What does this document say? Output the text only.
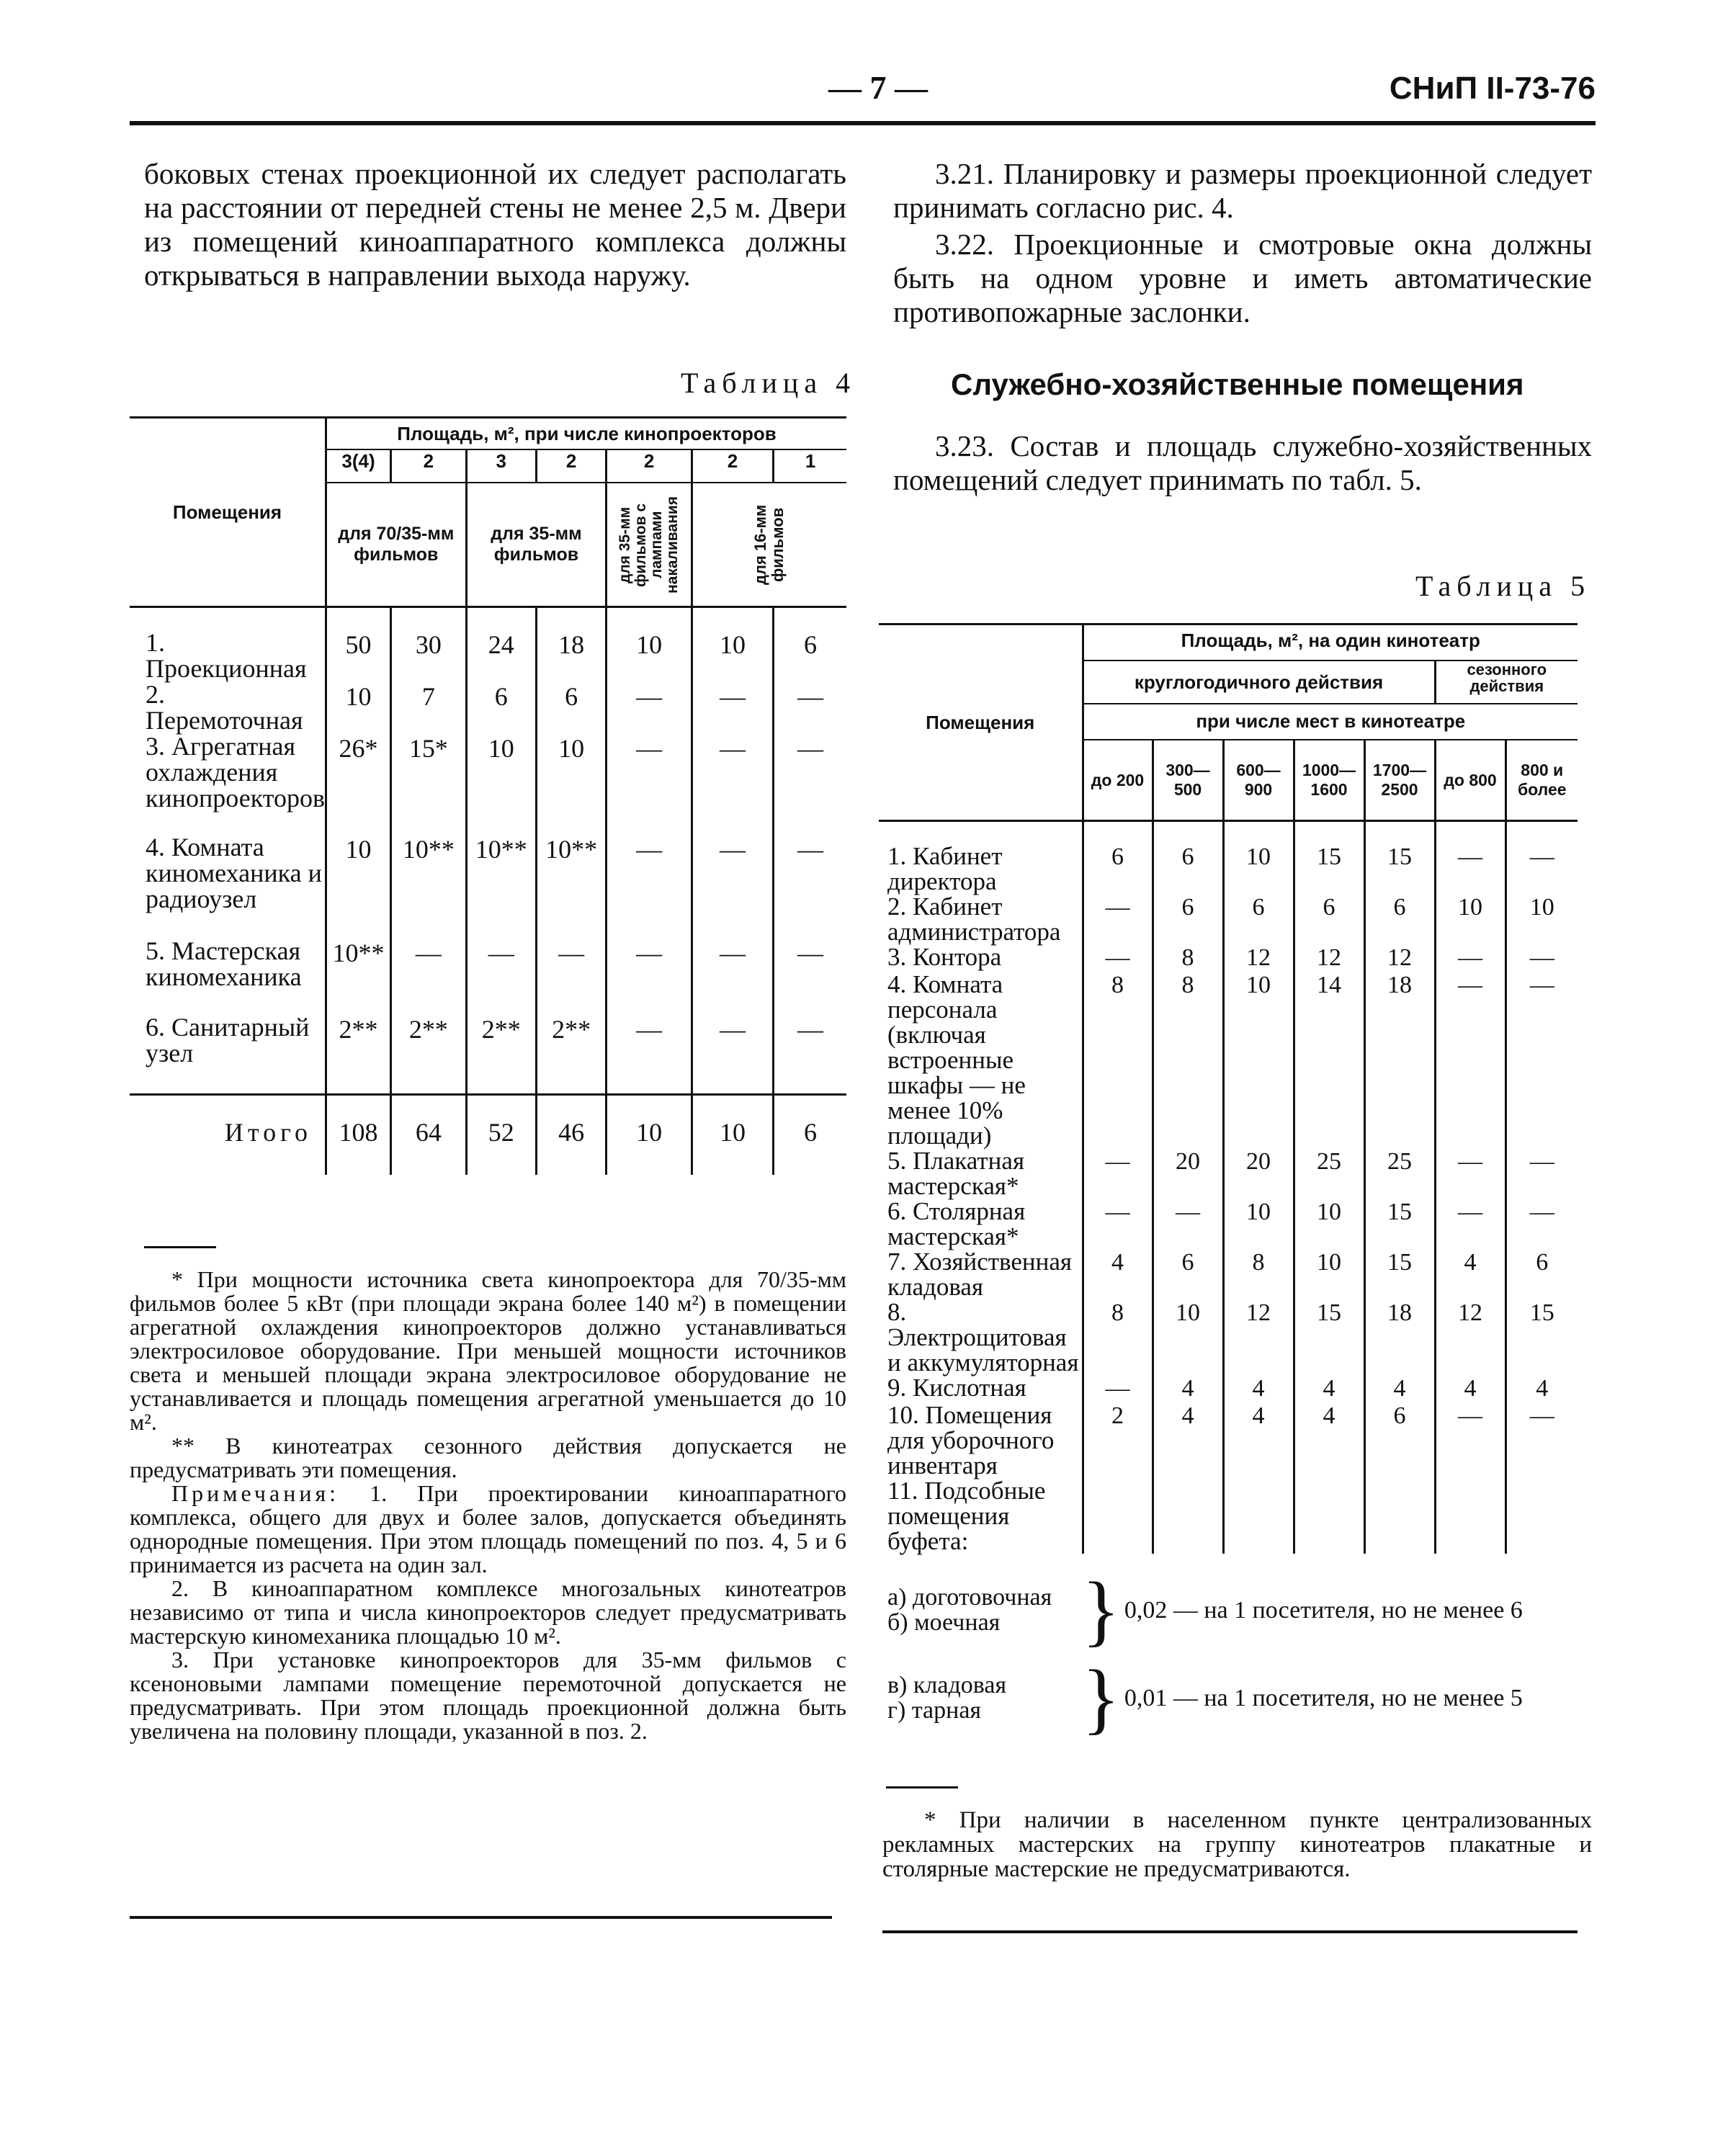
— 7 —	СНиП II-73-76

боковых стенах проекционной их следует располагать на расстоянии от передней стены не менее 2,5 м. Двери из помещений киноаппаратного комплекса должны открываться в направлении выхода наружу.

3.21. Планировку и размеры проекционной следует принимать согласно рис. 4.

3.22. Проекционные и смотровые окна должны быть на одном уровне и иметь автоматические противопожарные заслонки.

Таблица 4	Служебно-хозяйственные помещения

3.23. Состав и площадь служебно-хозяйственных помещений следует принимать по табл. 5.

Таблица 5
Помещения	Площадь, м², при числе кинопроекторов						
	3(4)	2	3	2	2	2	1
	для 70/35-мм фильмов		для 35-мм фильмов		для 35-мм фильмов с лампами накаливания	для 16-мм фильмов	

1. Проекционная	50	30	24	18	10	10	6
2. Перемоточная	10	7	6	6	—	—	—
3. Агрегатная охлаждения кинопроекторов	26*	15*	10	10	—	—	—
4. Комната киномеханика и радиоузел	10	10**	10**	10**	—	—	—
5. Мастерская киномеханика	10**	—	—	—	—	—	—
6. Санитарный узел	2**	2**	2**	2**	—	—	—
Итого	108	64	52	46	10	10	6

* При мощности источника света кинопроектора для 70/35-мм фильмов более 5 кВт (при площади экрана более 140 м²) в помещении агрегатной охлаждения кинопроекторов должно устанавливаться электросиловое оборудование. При меньшей мощности источников света и меньшей площади экрана электросиловое оборудование не устанавливается и площадь помещения агрегатной уменьшается до 10 м².

** В кинотеатрах сезонного действия допускается не предусматривать эти помещения.

Примечания: 1. При проектировании киноаппаратного комплекса, общего для двух и более залов, допускается объединять однородные помещения. При этом площадь помещений по поз. 4, 5 и 6 принимается из расчета на один зал.

2. В киноаппаратном комплексе многозальных кинотеатров независимо от типа и числа кинопроекторов следует предусматривать мастерскую киномеханика площадью 10 м².

3. При установке кинопроекторов для 35-мм фильмов с ксеноновыми лампами помещение перемоточной допускается не предусматривать. При этом площадь проекционной должна быть увеличена на половину площади, указанной в поз. 2.

Помещения	Площадь, м², на один кинотеатр						
	круглогодичного действия					сезонного действия	
	при числе мест в кинотеатре						
	до 200	300—500	600—900	1000—1600	1700—2500	до 800	800 и более
1. Кабинет директора	6	6	10	15	15	—	—
2. Кабинет администратора	—	6	6	6	6	10	10
3. Контора	—	8	12	12	12	—	—
4. Комната персонала (включая встроенные шкафы — не менее 10% площади)	8	8	10	14	18	—	—
5. Плакатная мастерская*	—	20	20	25	25	—	—
6. Столярная мастерская*	—	—	10	10	15	—	—
7. Хозяйственная кладовая	4	6	8	10	15	4	6
8. Электрощитовая и аккумуляторная	8	10	12	15	18	12	15
9. Кислотная	—	4	4	4	4	4	4
10. Помещения для уборочного инвентаря	2	4	4	4	6	—	—
11. Подсобные помещения буфета:							
а) доготовочная
б) моечная	} 0,02 — на 1 посетителя, но не менее 6
в) кладовая
г) тарная	} 0,01 — на 1 посетителя, но не менее 5

* При наличии в населенном пункте централизованных рекламных мастерских на группу кинотеатров плакатные и столярные мастерские не предусматриваются.
